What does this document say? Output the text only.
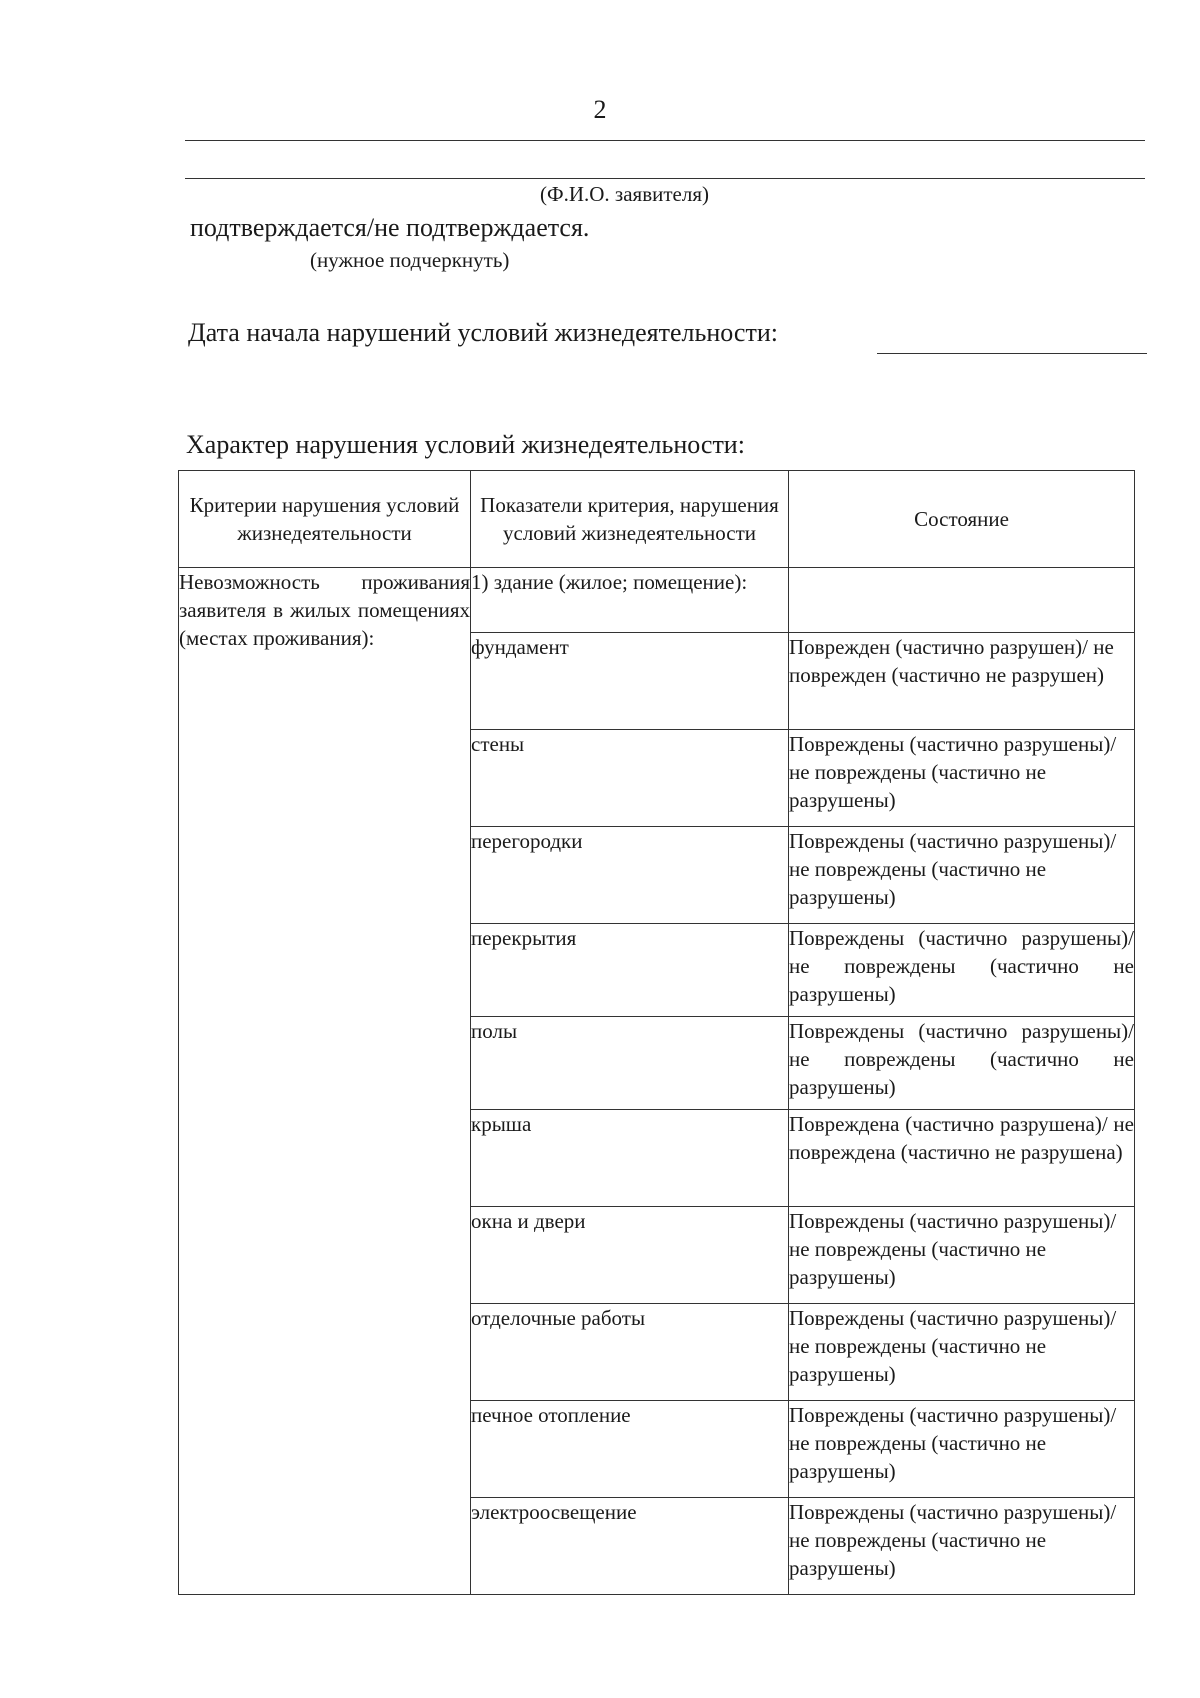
2
(Ф.И.О. заявителя)
подтверждается/не подтверждается.
(нужное подчеркнуть)
Дата начала нарушений условий жизнедеятельности:
Характер нарушения условий жизнедеятельности:
Критерии нарушения условий жизнедеятельности	Показатели критерия, нарушения условий жизнедеятельности	Состояние
Невозможность проживания заявителя в жилых помещениях (местах проживания):	1) здание (жилое; помещение):	
	фундамент	Поврежден (частично разрушен)/ не поврежден (частично не разрушен)
	стены	Повреждены (частично разрушены)/ не повреждены (частично не разрушены)
	перегородки	Повреждены (частично разрушены)/ не повреждены (частично не разрушены)
	перекрытия	Повреждены (частично разрушены)/ не повреждены (частично не разрушены)
	полы	Повреждены (частично разрушены)/ не повреждены (частично не разрушены)
	крыша	Повреждена (частично разрушена)/ не повреждена (частично не разрушена)
	окна и двери	Повреждены (частично разрушены)/ не повреждены (частично не разрушены)
	отделочные работы	Повреждены (частично разрушены)/ не повреждены (частично не разрушены)
	печное отопление	Повреждены (частично разрушены)/ не повреждены (частично не разрушены)
	электроосвещение	Повреждены (частично разрушены)/ не повреждены (частично не разрушены)
